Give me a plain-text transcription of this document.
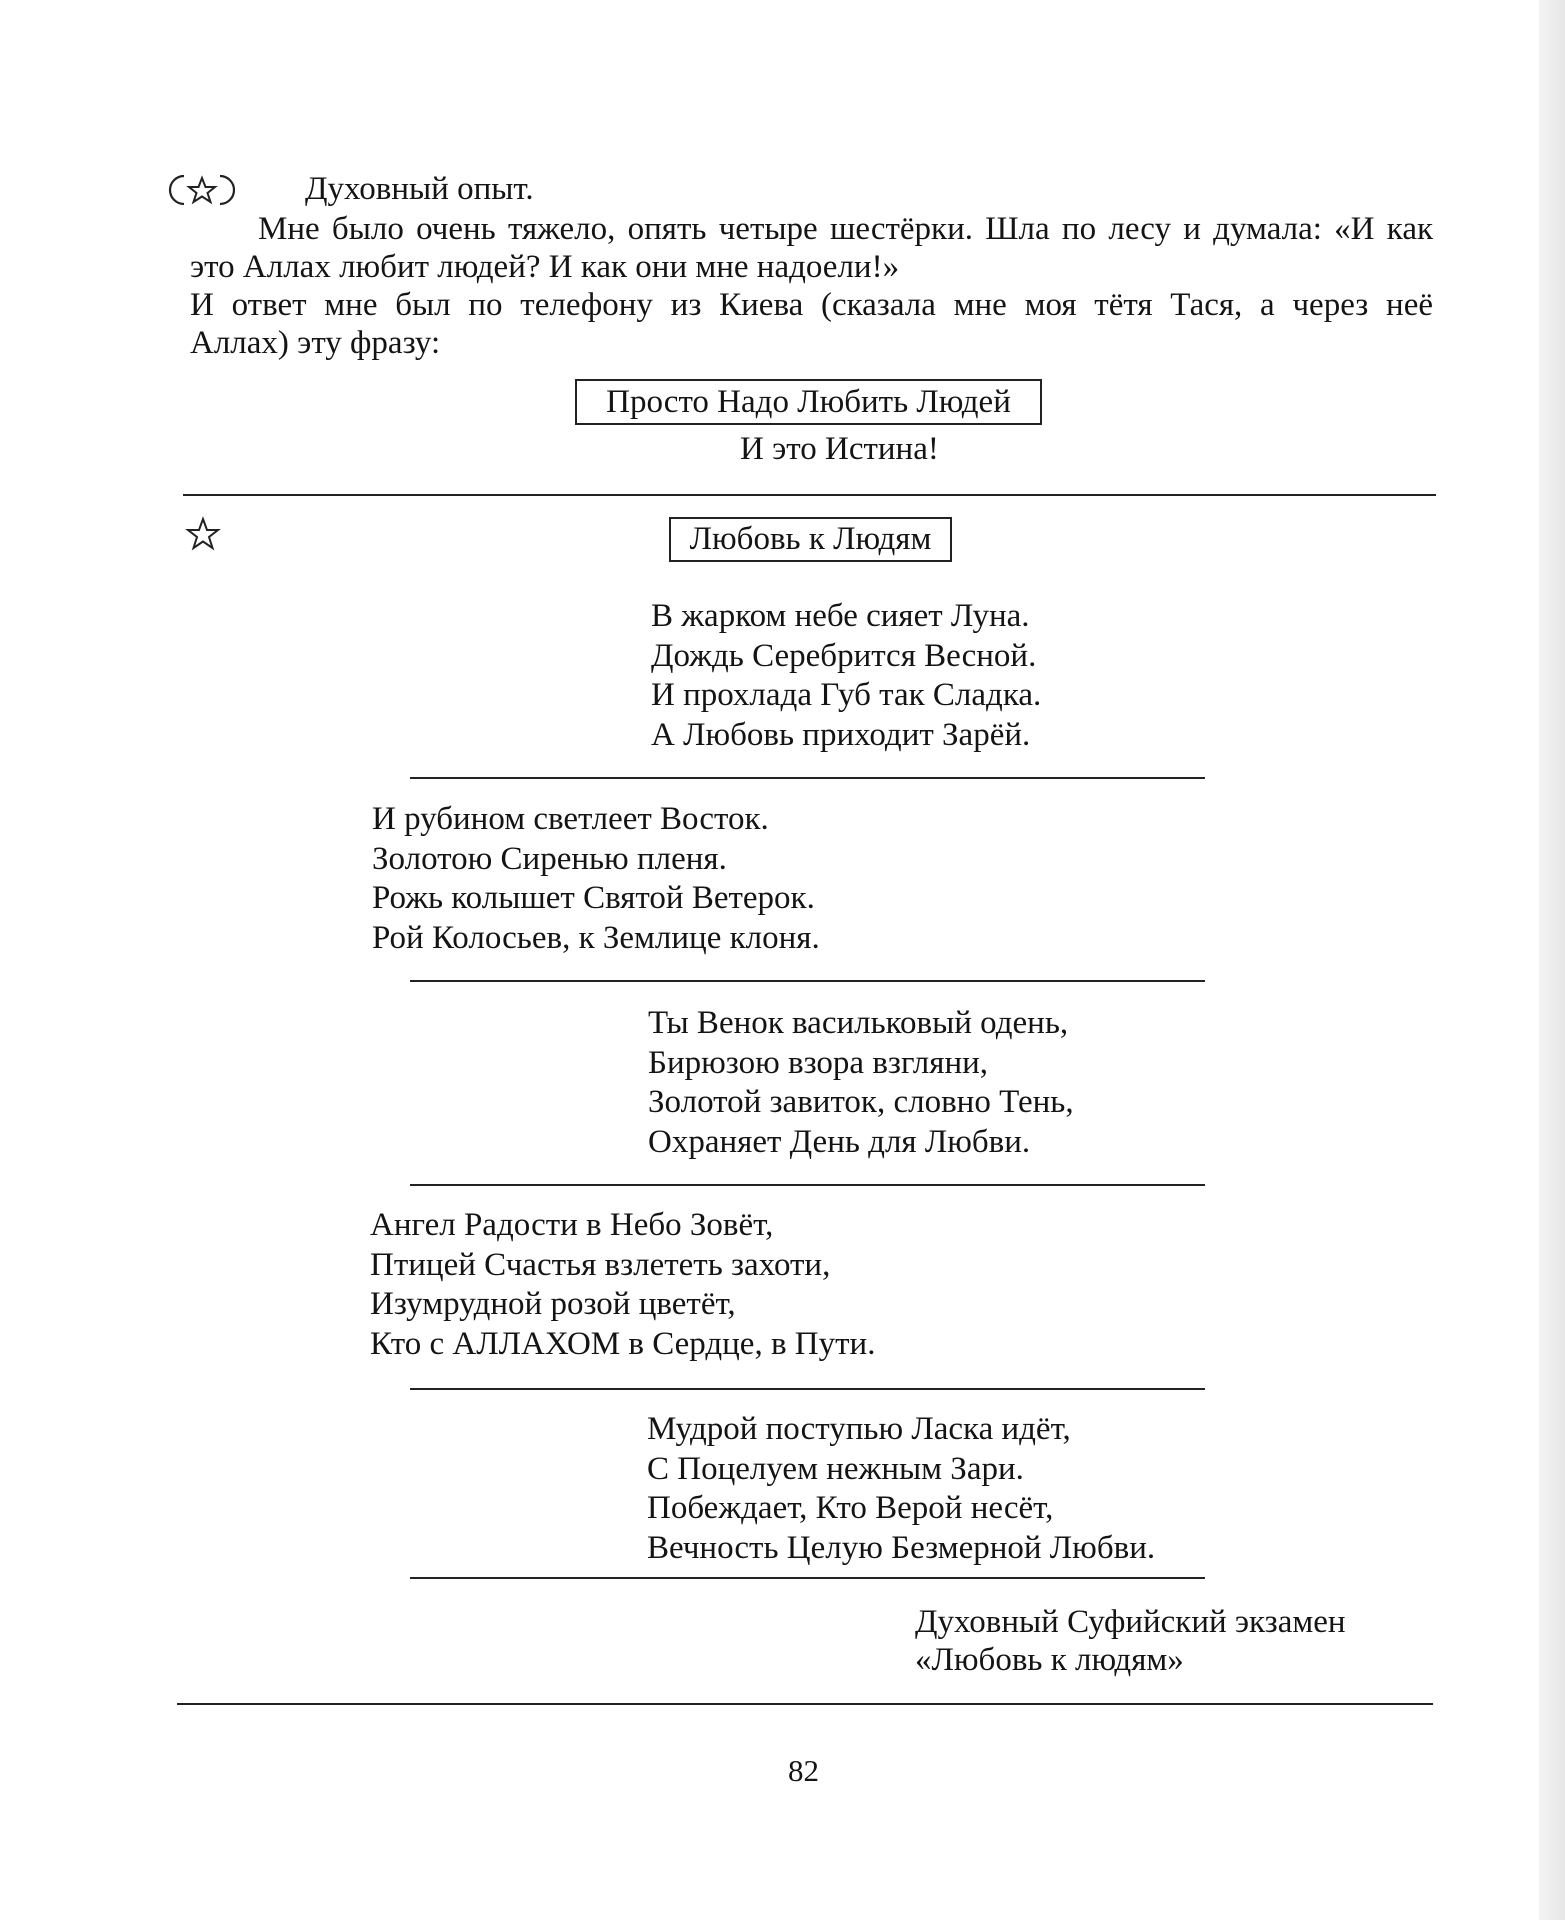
Духовный опыт.
Мне было очень тяжело, опять четыре шестёрки. Шла по лесу и думала: «И как
это Аллах любит людей? И как они мне надоели!»
И ответ мне был по телефону из Киева (сказала мне моя тётя Тася, а через неё
Аллах) эту фразу:
Просто Надо Любить Людей
И это Истина!
Любовь к Людям
В жарком небе сияет Луна.
Дождь Серебрится Весной.
И прохлада Губ так Сладка.
А Любовь приходит Зарёй.
И рубином светлеет Восток.
Золотою Сиренью пленя.
Рожь колышет Святой Ветерок.
Рой Колосьев, к Землице клоня.
Ты Венок васильковый одень,
Бирюзою взора взгляни,
Золотой завиток, словно Тень,
Охраняет День для Любви.
Ангел Радости в Небо Зовёт,
Птицей Счастья взлететь захоти,
Изумрудной розой цветёт,
Кто с АЛЛАХОМ в Сердце, в Пути.
Мудрой поступью Ласка идёт,
С Поцелуем нежным Зари.
Побеждает, Кто Верой несёт,
Вечность Целую Безмерной Любви.
Духовный Суфийский экзамен
«Любовь к людям»
82
